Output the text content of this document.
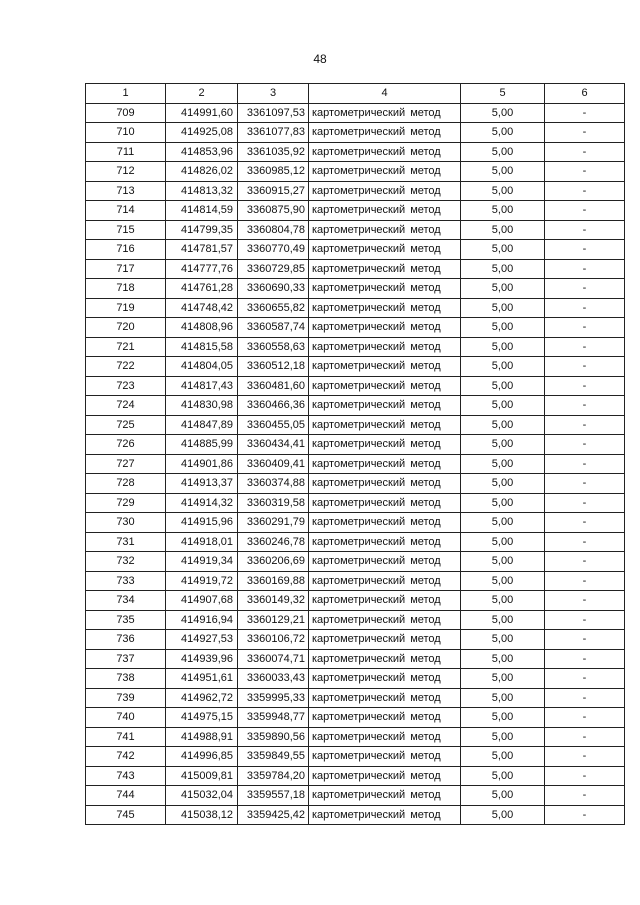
48
1	2	3	4	5	6
709	414991,60	3361097,53	картометрический метод	5,00	-
710	414925,08	3361077,83	картометрический метод	5,00	-
711	414853,96	3361035,92	картометрический метод	5,00	-
712	414826,02	3360985,12	картометрический метод	5,00	-
713	414813,32	3360915,27	картометрический метод	5,00	-
714	414814,59	3360875,90	картометрический метод	5,00	-
715	414799,35	3360804,78	картометрический метод	5,00	-
716	414781,57	3360770,49	картометрический метод	5,00	-
717	414777,76	3360729,85	картометрический метод	5,00	-
718	414761,28	3360690,33	картометрический метод	5,00	-
719	414748,42	3360655,82	картометрический метод	5,00	-
720	414808,96	3360587,74	картометрический метод	5,00	-
721	414815,58	3360558,63	картометрический метод	5,00	-
722	414804,05	3360512,18	картометрический метод	5,00	-
723	414817,43	3360481,60	картометрический метод	5,00	-
724	414830,98	3360466,36	картометрический метод	5,00	-
725	414847,89	3360455,05	картометрический метод	5,00	-
726	414885,99	3360434,41	картометрический метод	5,00	-
727	414901,86	3360409,41	картометрический метод	5,00	-
728	414913,37	3360374,88	картометрический метод	5,00	-
729	414914,32	3360319,58	картометрический метод	5,00	-
730	414915,96	3360291,79	картометрический метод	5,00	-
731	414918,01	3360246,78	картометрический метод	5,00	-
732	414919,34	3360206,69	картометрический метод	5,00	-
733	414919,72	3360169,88	картометрический метод	5,00	-
734	414907,68	3360149,32	картометрический метод	5,00	-
735	414916,94	3360129,21	картометрический метод	5,00	-
736	414927,53	3360106,72	картометрический метод	5,00	-
737	414939,96	3360074,71	картометрический метод	5,00	-
738	414951,61	3360033,43	картометрический метод	5,00	-
739	414962,72	3359995,33	картометрический метод	5,00	-
740	414975,15	3359948,77	картометрический метод	5,00	-
741	414988,91	3359890,56	картометрический метод	5,00	-
742	414996,85	3359849,55	картометрический метод	5,00	-
743	415009,81	3359784,20	картометрический метод	5,00	-
744	415032,04	3359557,18	картометрический метод	5,00	-
745	415038,12	3359425,42	картометрический метод	5,00	-
